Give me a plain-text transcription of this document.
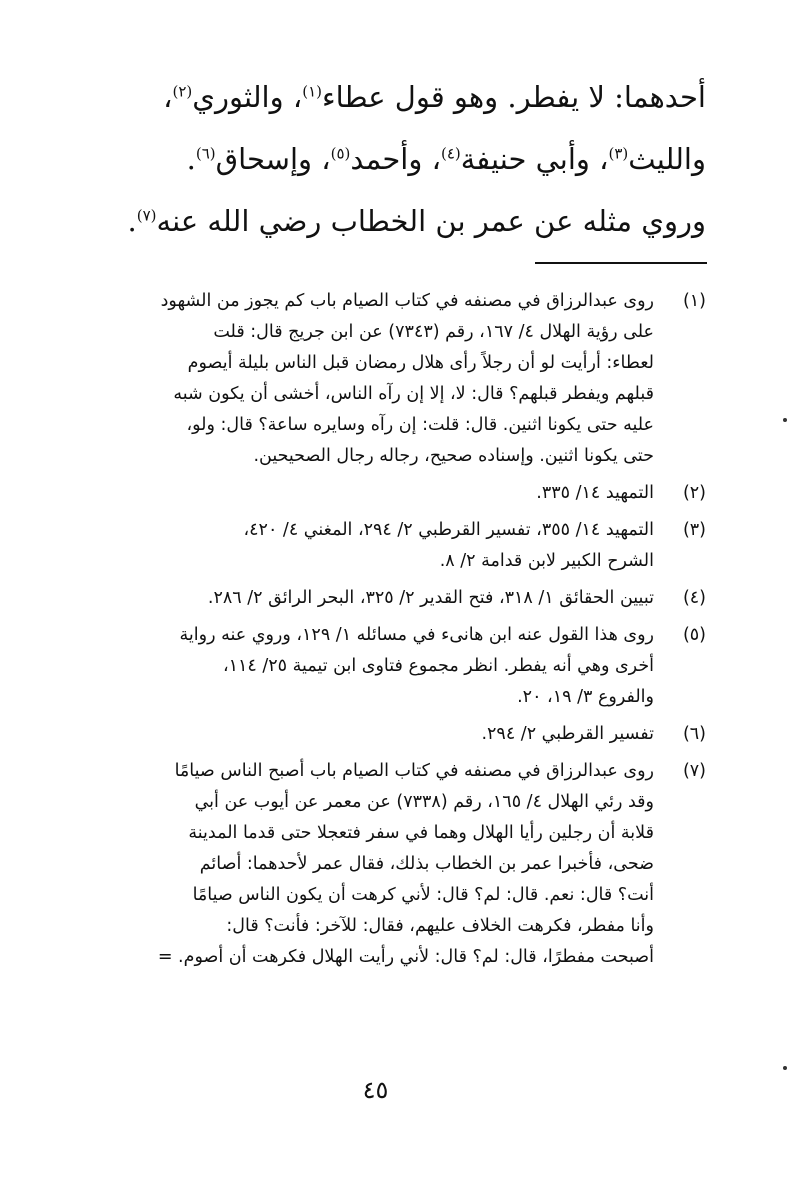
أحدهما: لا يفطر. وهو قول عطاء$^{(١)}$، والثوري$^{(٢)}$،
والليث$^{(٣)}$، وأبي حنيفة$^{(٤)}$، وأحمد$^{(٥)}$، وإسحاق$^{(٦)}$.
وروي مثله عن عمر بن الخطاب رضي الله عنه$^{(٧)}$.
(١)
روى عبدالرزاق في مصنفه في كتاب الصيام باب كم يجوز من الشهود
على رؤية الهلال ٤/ ١٦٧، رقم (٧٣٤٣) عن ابن جريج قال: قلت
لعطاء: أرأيت لو أن رجلاً رأى هلال رمضان قبل الناس بليلة أيصوم
قبلهم ويفطر قبلهم؟ قال: لا، إلا إن رآه الناس، أخشى أن يكون شبه
عليه حتى يكونا اثنين. قال: قلت: إن رآه وسايره ساعة؟ قال: ولو،
حتى يكونا اثنين. وإسناده صحيح، رجاله رجال الصحيحين.
(٢)
التمهيد ١٤/ ٣٣٥.
(٣)
التمهيد ١٤/ ٣٥٥، تفسير القرطبي ٢/ ٢٩٤، المغني ٤/ ٤٢٠،
الشرح الكبير لابن قدامة ٢/ ٨.
(٤)
تبيين الحقائق ١/ ٣١٨، فتح القدير ٢/ ٣٢٥، البحر الرائق ٢/ ٢٨٦.
(٥)
روى هذا القول عنه ابن هانىء في مسائله ١/ ١٢٩، وروي عنه رواية
أخرى وهي أنه يفطر. انظر مجموع فتاوى ابن تيمية ٢٥/ ١١٤،
والفروع ٣/ ١٩، ٢٠.
(٦)
تفسير القرطبي ٢/ ٢٩٤.
(٧)
روى عبدالرزاق في مصنفه في كتاب الصيام باب أصبح الناس صيامًا
وقد رئي الهلال ٤/ ١٦٥، رقم (٧٣٣٨) عن معمر عن أيوب عن أبي
قلابة أن رجلين رأيا الهلال وهما في سفر فتعجلا حتى قدما المدينة
ضحى، فأخبرا عمر بن الخطاب بذلك، فقال عمر لأحدهما: أصائم
أنت؟ قال: نعم. قال: لم؟ قال: لأني كرهت أن يكون الناس صيامًا
وأنا مفطر، فكرهت الخلاف عليهم، فقال: للآخر: فأنت؟ قال:
أصبحت مفطرًا، قال: لم؟ قال: لأني رأيت الهلال فكرهت أن أصوم. =
٤٥
